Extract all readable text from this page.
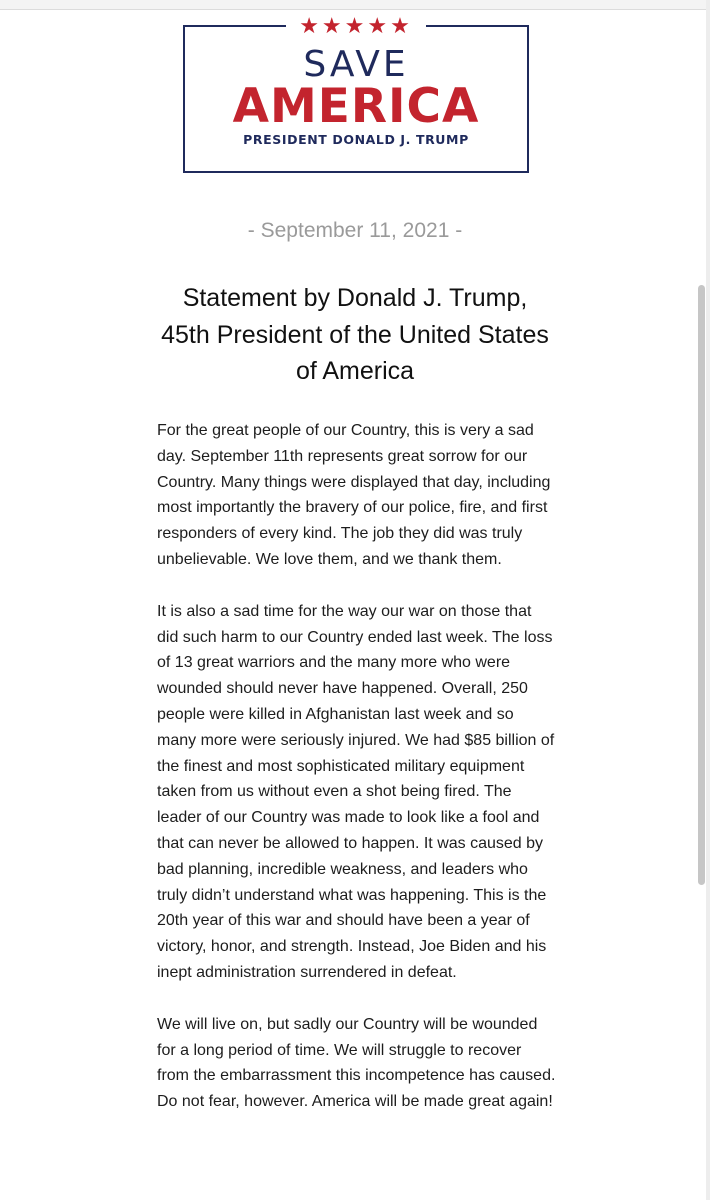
★★★★★
SAVE
AMERICA
PRESIDENT DONALD J. TRUMP
- September 11, 2021 -
Statement by Donald J. Trump,
45th President of the United States
of America

For the great people of our Country, this is very a sad day. September 11th represents great sorrow for our Country. Many things were displayed that day, including most importantly the bravery of our police, fire, and first responders of every kind. The job they did was truly unbelievable. We love them, and we thank them.

It is also a sad time for the way our war on those that did such harm to our Country ended last week. The loss of 13 great warriors and the many more who were wounded should never have happened. Overall, 250 people were killed in Afghanistan last week and so many more were seriously injured. We had $85 billion of the finest and most sophisticated military equipment taken from us without even a shot being fired. The leader of our Country was made to look like a fool and that can never be allowed to happen. It was caused by bad planning, incredible weakness, and leaders who truly didn’t understand what was happening. This is the 20th year of this war and should have been a year of victory, honor, and strength. Instead, Joe Biden and his inept administration surrendered in defeat.

We will live on, but sadly our Country will be wounded for a long period of time. We will struggle to recover from the embarrassment this incompetence has caused. Do not fear, however. America will be made great again!
